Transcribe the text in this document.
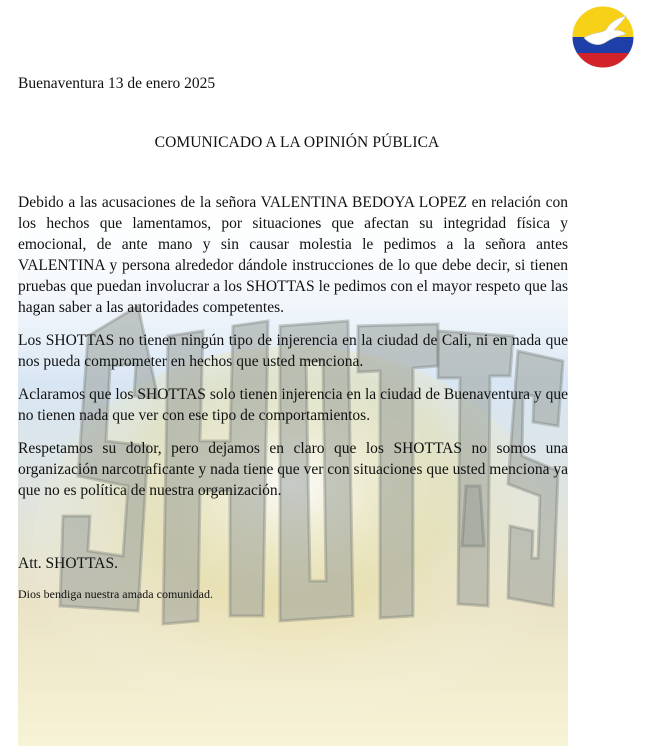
Buenaventura 13 de enero 2025
COMUNICADO A LA OPINIÓN PÚBLICA

Debido a las acusaciones de la señora VALENTINA BEDOYA LOPEZ en relación con los hechos que lamentamos, por situaciones que afectan su integridad física y emocional, de ante mano y sin causar molestia le pedimos a la señora antes VALENTINA y persona alrededor dándole instrucciones de lo que debe decir, si tienen pruebas que puedan involucrar a los SHOTTAS le pedimos con el mayor respeto que las hagan saber a las autoridades competentes.

Los SHOTTAS no tienen ningún tipo de injerencia en la ciudad de Cali, ni en nada que nos pueda comprometer en hechos que usted menciona.

Aclaramos que los SHOTTAS solo tienen injerencia en la ciudad de Buenaventura y que no tienen nada que ver con ese tipo de comportamientos.

Respetamos su dolor, pero dejamos en claro que los SHOTTAS no somos una organización narcotraficante y nada tiene que ver con situaciones que usted menciona ya que no es política de nuestra organización.

Att. SHOTTAS.
Dios bendiga nuestra amada comunidad.
